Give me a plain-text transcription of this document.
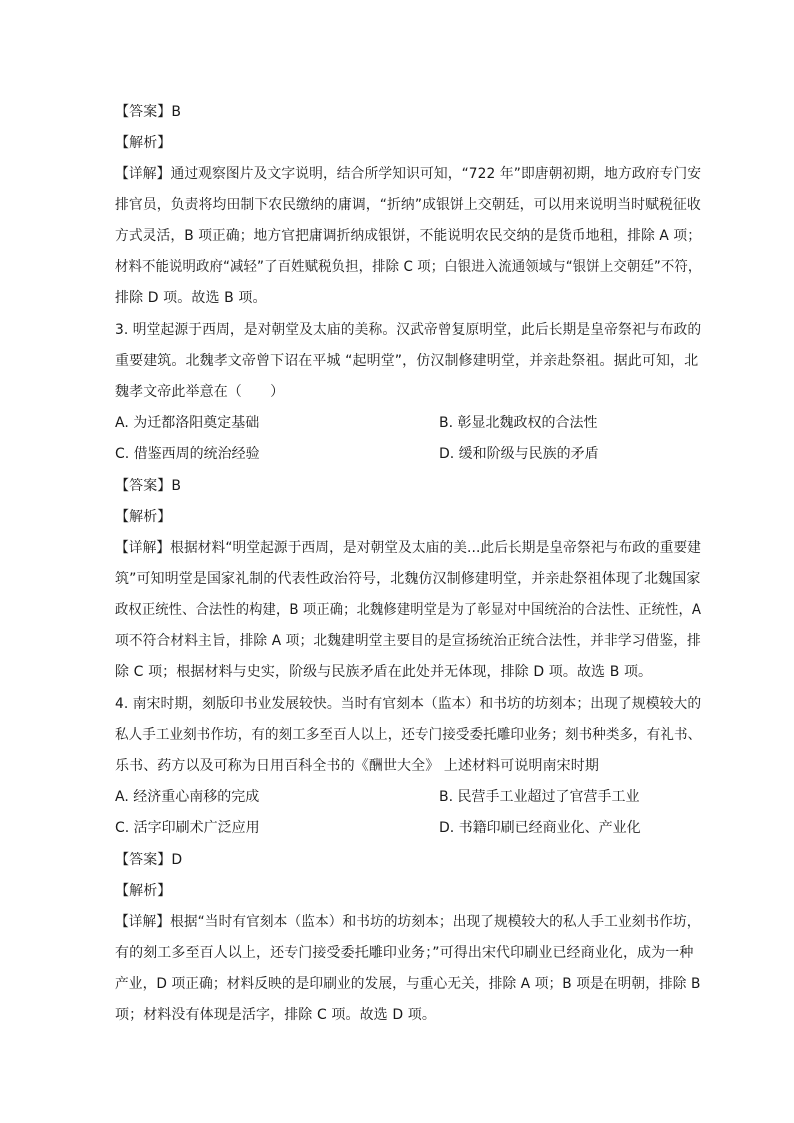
【答案】B
【解析】
【详解】通过观察图片及文字说明，结合所学知识可知，“722 年”即唐朝初期，地方政府专门安
排官员，负责将均田制下农民缴纳的庸调，“折纳”成银饼上交朝廷，可以用来说明当时赋税征收
方式灵活，B 项正确；地方官把庸调折纳成银饼，不能说明农民交纳的是货币地租，排除 A 项；
材料不能说明政府“减轻”了百姓赋税负担，排除 C 项；白银进入流通领域与“银饼上交朝廷”不符，
排除 D 项。故选 B 项。
3. 明堂起源于西周，是对朝堂及太庙的美称。汉武帝曾复原明堂，此后长期是皇帝祭祀与布政的
重要建筑。北魏孝文帝曾下诏在平城 “起明堂”，仿汉制修建明堂，并亲赴祭祖。据此可知，北
魏孝文帝此举意在（　　）
A. 为迁都洛阳奠定基础	B. 彰显北魏政权的合法性
C. 借鉴西周的统治经验	D. 缓和阶级与民族的矛盾
【答案】B
【解析】
【详解】根据材料“明堂起源于西周，是对朝堂及太庙的美...此后长期是皇帝祭祀与布政的重要建
筑”可知明堂是国家礼制的代表性政治符号，北魏仿汉制修建明堂，并亲赴祭祖体现了北魏国家
政权正统性、合法性的构建，B 项正确；北魏修建明堂是为了彰显对中国统治的合法性、正统性，A
项不符合材料主旨，排除 A 项；北魏建明堂主要目的是宣扬统治正统合法性，并非学习借鉴，排
除 C 项；根据材料与史实，阶级与民族矛盾在此处并无体现，排除 D 项。故选 B 项。
4. 南宋时期，刻版印书业发展较快。当时有官刻本（监本）和书坊的坊刻本；出现了规模较大的
私人手工业刻书作坊，有的刻工多至百人以上，还专门接受委托雕印业务；刻书种类多，有礼书、
乐书、药方以及可称为日用百科全书的《酬世大全》 上述材料可说明南宋时期
A. 经济重心南移的完成	B. 民营手工业超过了官营手工业
C. 活字印刷术广泛应用	D. 书籍印刷已经商业化、产业化
【答案】D
【解析】
【详解】根据“当时有官刻本（监本）和书坊的坊刻本；出现了规模较大的私人手工业刻书作坊，
有的刻工多至百人以上，还专门接受委托雕印业务；”可得出宋代印刷业已经商业化，成为一种
产业，D 项正确；材料反映的是印刷业的发展，与重心无关，排除 A 项；B 项是在明朝，排除 B
项；材料没有体现是活字，排除 C 项。故选 D 项。
